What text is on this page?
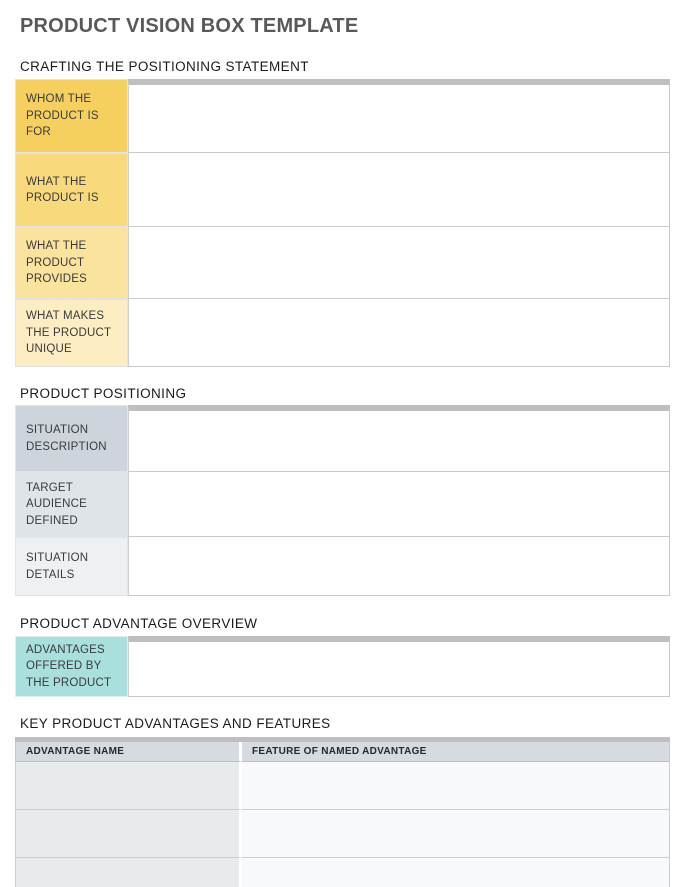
PRODUCT VISION BOX TEMPLATE
CRAFTING THE POSITIONING STATEMENT
WHOM THE PRODUCT IS FOR
WHAT THE PRODUCT IS
WHAT THE PRODUCT PROVIDES
WHAT MAKES THE PRODUCT UNIQUE
PRODUCT POSITIONING
SITUATION DESCRIPTION
TARGET AUDIENCE DEFINED
SITUATION DETAILS
PRODUCT ADVANTAGE OVERVIEW
ADVANTAGES OFFERED BY THE PRODUCT
KEY PRODUCT ADVANTAGES AND FEATURES
ADVANTAGE NAME	FEATURE OF NAMED ADVANTAGE
